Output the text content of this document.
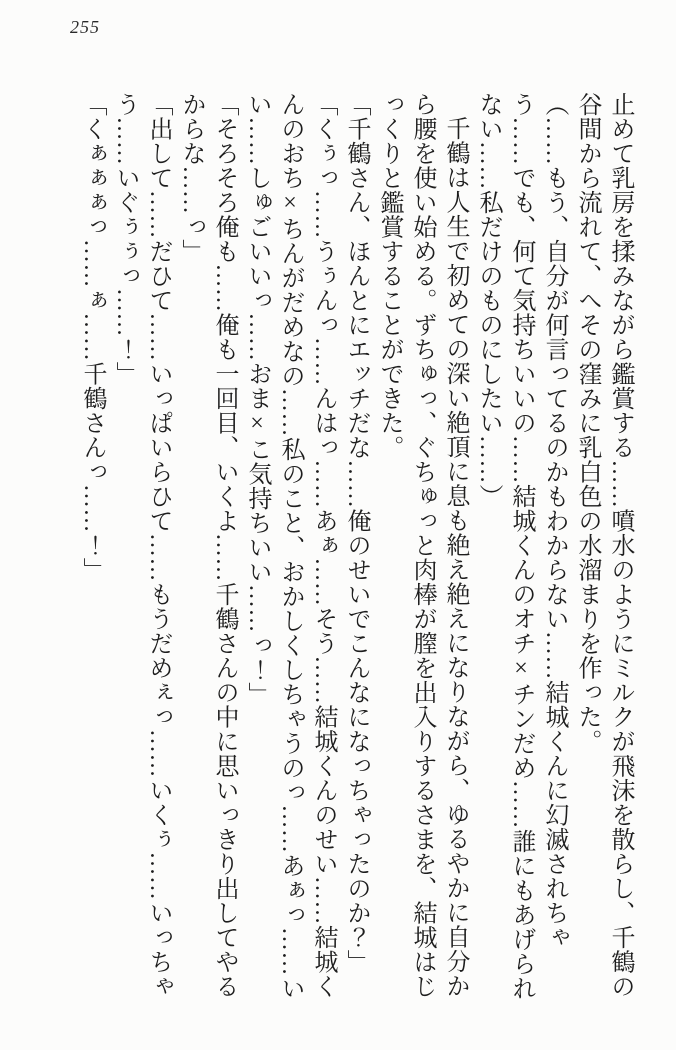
255

止めて乳房を揉みながら鑑賞する……噴水のようにミルクが飛沫を散らし、千鶴の谷間から流れて、へその窪みに乳白色の水溜まりを作った。

（……もう、自分が何言ってるのかもわからない……結城くんに幻滅されちゃう……でも、何て気持ちいいの……結城くんのオチ×チンだめ……誰にもあげられない……私だけのものにしたい……）

千鶴は人生で初めての深い絶頂に息も絶え絶えになりながら、ゆるやかに自分から腰を使い始める。ずちゅっ、ぐちゅっと肉棒が膣を出入りするさまを、結城はじっくりと鑑賞することができた。

「千鶴さん、ほんとにエッチだな……俺のせいでこんなになっちゃったのか？」

「くぅっ……うぅんっ……んはっ……あぁ……そう……結城くんのせい……結城くんのおち×ちんがだめなの……私のこと、おかしくしちゃうのっ……あぁっ……いい……しゅごいいっ……おま×こ気持ちいい……っ！」

「そろそろ俺も……俺も一回目、いくよ……千鶴さんの中に思いっきり出してやるからな……っ」

「出して……だひて……いっぱいらひて……もうだめぇっ……いくぅ……いっちゃう……いぐぅぅっ……！」

「くぁぁぁっ……ぁ……千鶴さんっ……！」
